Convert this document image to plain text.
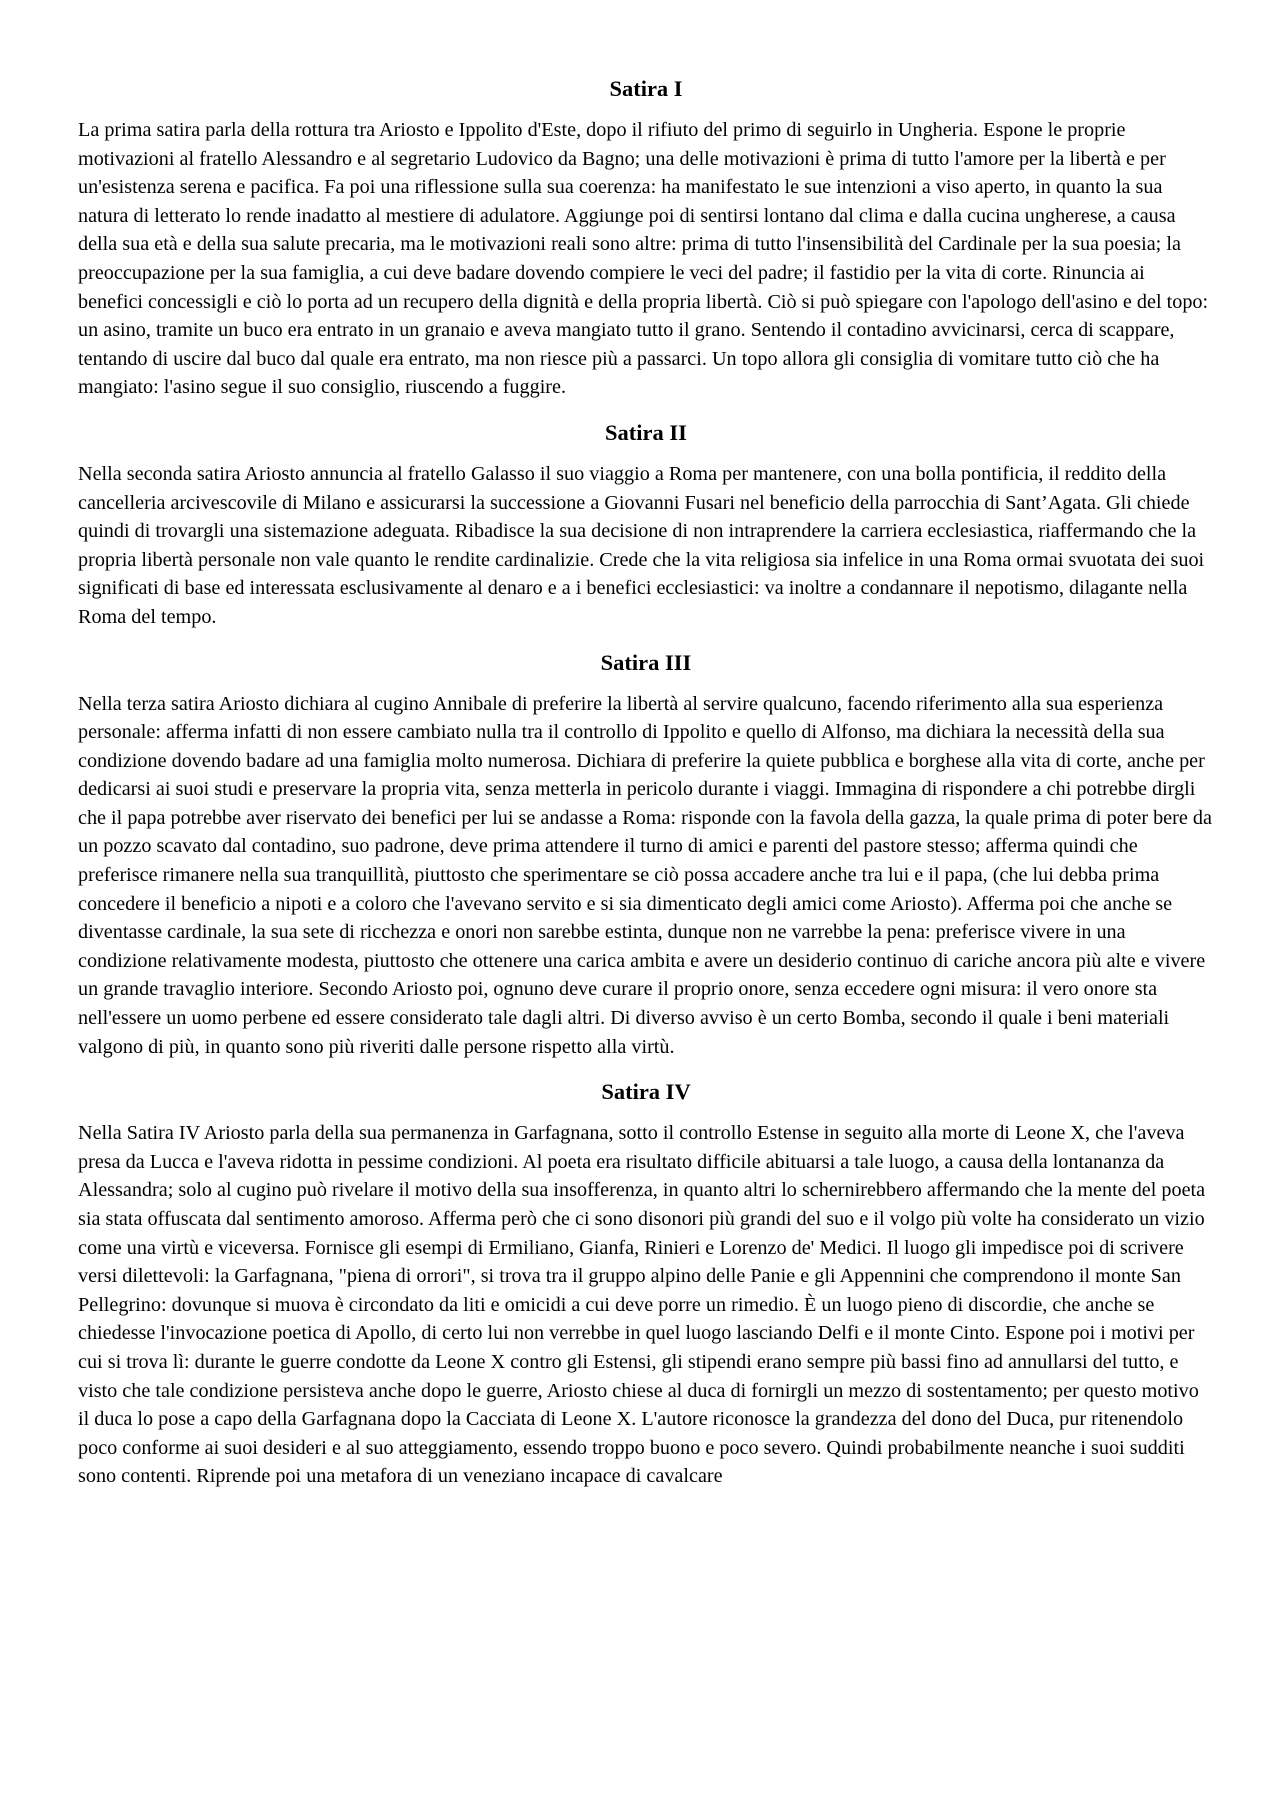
Satira I

La prima satira parla della rottura tra Ariosto e Ippolito d'Este, dopo il rifiuto del primo di seguirlo in Ungheria. Espone le proprie motivazioni al fratello Alessandro e al segretario Ludovico da Bagno; una delle motivazioni è prima di tutto l'amore per la libertà e per un'esistenza serena e pacifica. Fa poi una riflessione sulla sua coerenza: ha manifestato le sue intenzioni a viso aperto, in quanto la sua natura di letterato lo rende inadatto al mestiere di adulatore. Aggiunge poi di sentirsi lontano dal clima e dalla cucina ungherese, a causa della sua età e della sua salute precaria, ma le motivazioni reali sono altre: prima di tutto l'insensibilità del Cardinale per la sua poesia; la preoccupazione per la sua famiglia, a cui deve badare dovendo compiere le veci del padre; il fastidio per la vita di corte. Rinuncia ai benefici concessigli e ciò lo porta ad un recupero della dignità e della propria libertà. Ciò si può spiegare con l'apologo dell'asino e del topo: un asino, tramite un buco era entrato in un granaio e aveva mangiato tutto il grano. Sentendo il contadino avvicinarsi, cerca di scappare, tentando di uscire dal buco dal quale era entrato, ma non riesce più a passarci. Un topo allora gli consiglia di vomitare tutto ciò che ha mangiato: l'asino segue il suo consiglio, riuscendo a fuggire.

Satira II

Nella seconda satira Ariosto annuncia al fratello Galasso il suo viaggio a Roma per mantenere, con una bolla pontificia, il reddito della cancelleria arcivescovile di Milano e assicurarsi la successione a Giovanni Fusari nel beneficio della parrocchia di Sant’Agata. Gli chiede quindi di trovargli una sistemazione adeguata. Ribadisce la sua decisione di non intraprendere la carriera ecclesiastica, riaffermando che la propria libertà personale non vale quanto le rendite cardinalizie. Crede che la vita religiosa sia infelice in una Roma ormai svuotata dei suoi significati di base ed interessata esclusivamente al denaro e a i benefici ecclesiastici: va inoltre a condannare il nepotismo, dilagante nella Roma del tempo.

Satira III

Nella terza satira Ariosto dichiara al cugino Annibale di preferire la libertà al servire qualcuno, facendo riferimento alla sua esperienza personale: afferma infatti di non essere cambiato nulla tra il controllo di Ippolito e quello di Alfonso, ma dichiara la necessità della sua condizione dovendo badare ad una famiglia molto numerosa. Dichiara di preferire la quiete pubblica e borghese alla vita di corte, anche per dedicarsi ai suoi studi e preservare la propria vita, senza metterla in pericolo durante i viaggi. Immagina di rispondere a chi potrebbe dirgli che il papa potrebbe aver riservato dei benefici per lui se andasse a Roma: risponde con la favola della gazza, la quale prima di poter bere da un pozzo scavato dal contadino, suo padrone, deve prima attendere il turno di amici e parenti del pastore stesso; afferma quindi che preferisce rimanere nella sua tranquillità, piuttosto che sperimentare se ciò possa accadere anche tra lui e il papa, (che lui debba prima concedere il beneficio a nipoti e a coloro che l'avevano servito e si sia dimenticato degli amici come Ariosto). Afferma poi che anche se diventasse cardinale, la sua sete di ricchezza e onori non sarebbe estinta, dunque non ne varrebbe la pena: preferisce vivere in una condizione relativamente modesta, piuttosto che ottenere una carica ambita e avere un desiderio continuo di cariche ancora più alte e vivere un grande travaglio interiore. Secondo Ariosto poi, ognuno deve curare il proprio onore, senza eccedere ogni misura: il vero onore sta nell'essere un uomo perbene ed essere considerato tale dagli altri. Di diverso avviso è un certo Bomba, secondo il quale i beni materiali valgono di più, in quanto sono più riveriti dalle persone rispetto alla virtù.

Satira IV

Nella Satira IV Ariosto parla della sua permanenza in Garfagnana, sotto il controllo Estense in seguito alla morte di Leone X, che l'aveva presa da Lucca e l'aveva ridotta in pessime condizioni. Al poeta era risultato difficile abituarsi a tale luogo, a causa della lontananza da Alessandra; solo al cugino può rivelare il motivo della sua insofferenza, in quanto altri lo schernirebbero affermando che la mente del poeta sia stata offuscata dal sentimento amoroso. Afferma però che ci sono disonori più grandi del suo e il volgo più volte ha considerato un vizio come una virtù e viceversa. Fornisce gli esempi di Ermiliano, Gianfa, Rinieri e Lorenzo de' Medici. Il luogo gli impedisce poi di scrivere versi dilettevoli: la Garfagnana, "piena di orrori", si trova tra il gruppo alpino delle Panie e gli Appennini che comprendono il monte San Pellegrino: dovunque si muova è circondato da liti e omicidi a cui deve porre un rimedio. È un luogo pieno di discordie, che anche se chiedesse l'invocazione poetica di Apollo, di certo lui non verrebbe in quel luogo lasciando Delfi e il monte Cinto. Espone poi i motivi per cui si trova lì: durante le guerre condotte da Leone X contro gli Estensi, gli stipendi erano sempre più bassi fino ad annullarsi del tutto, e visto che tale condizione persisteva anche dopo le guerre, Ariosto chiese al duca di fornirgli un mezzo di sostentamento; per questo motivo il duca lo pose a capo della Garfagnana dopo la Cacciata di Leone X. L'autore riconosce la grandezza del dono del Duca, pur ritenendolo poco conforme ai suoi desideri e al suo atteggiamento, essendo troppo buono e poco severo. Quindi probabilmente neanche i suoi sudditi sono contenti. Riprende poi una metafora di un veneziano incapace di cavalcare
